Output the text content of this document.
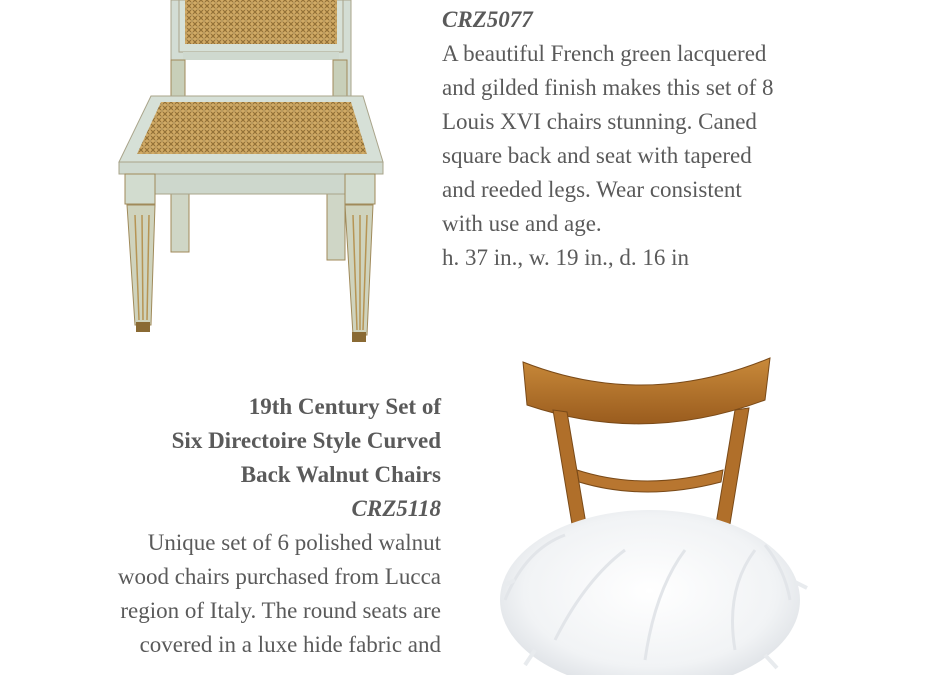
CRZ5077
A beautiful French green lacquered
and gilded finish makes this set of 8
Louis XVI chairs stunning. Caned
square back and seat with tapered
and reeded legs. Wear consistent
with use and age.
h. 37 in., w. 19 in., d. 16 in
19th Century Set of
Six Directoire Style Curved
Back Walnut Chairs
CRZ5118
Unique set of 6 polished walnut
wood chairs purchased from Lucca
region of Italy. The round seats are
covered in a luxe hide fabric and
